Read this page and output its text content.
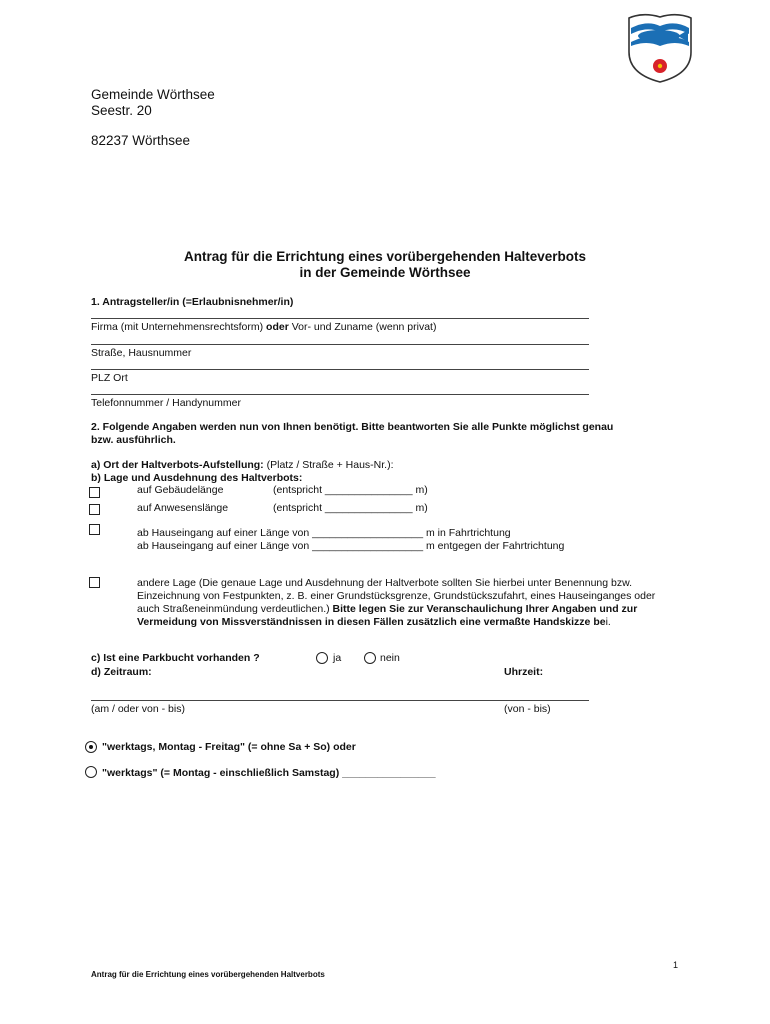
Gemeinde Wörthsee
Seestr. 20
82237 Wörthsee
Antrag für die Errichtung eines vorübergehenden Halteverbots
in der Gemeinde Wörthsee
1. Antragsteller/in (=Erlaubnisnehmer/in)
Firma (mit Unternehmensrechtsform) oder Vor- und Zuname (wenn privat)
Straße, Hausnummer
PLZ Ort
Telefonnummer / Handynummer
2. Folgende Angaben werden nun von Ihnen benötigt. Bitte beantworten Sie alle Punkte möglichst genau
bzw. ausführlich.
a) Ort der Haltverbots-Aufstellung: (Platz / Straße + Haus-Nr.):
b) Lage und Ausdehnung des Haltverbots:
auf Gebäudelänge	(entspricht _______________ m)
auf Anwesenslänge	(entspricht _______________ m)
ab Hauseingang auf einer Länge von ___________________ m in Fahrtrichtung
ab Hauseingang auf einer Länge von ___________________ m entgegen der Fahrtrichtung
andere Lage (Die genaue Lage und Ausdehnung der Haltverbote sollten Sie hierbei unter Benennung bzw. Einzeichnung von Festpunkten, z. B. einer Grundstücksgrenze, Grundstückszufahrt, eines Hauseinganges oder auch Straßeneinmündung verdeutlichen.) Bitte legen Sie zur Veranschaulichung Ihrer Angaben und zur Vermeidung von Missverständnissen in diesen Fällen zusätzlich eine vermaßte Handskizze bei.
c) Ist eine Parkbucht vorhanden ?	ja	nein
d) Zeitraum:	Uhrzeit:
(am / oder von - bis)	(von - bis)
"werktags, Montag - Freitag" (= ohne Sa + So) oder
"werktags" (= Montag - einschließlich Samstag) ________________
1
Antrag für die Errichtung eines vorübergehenden Haltverbots
